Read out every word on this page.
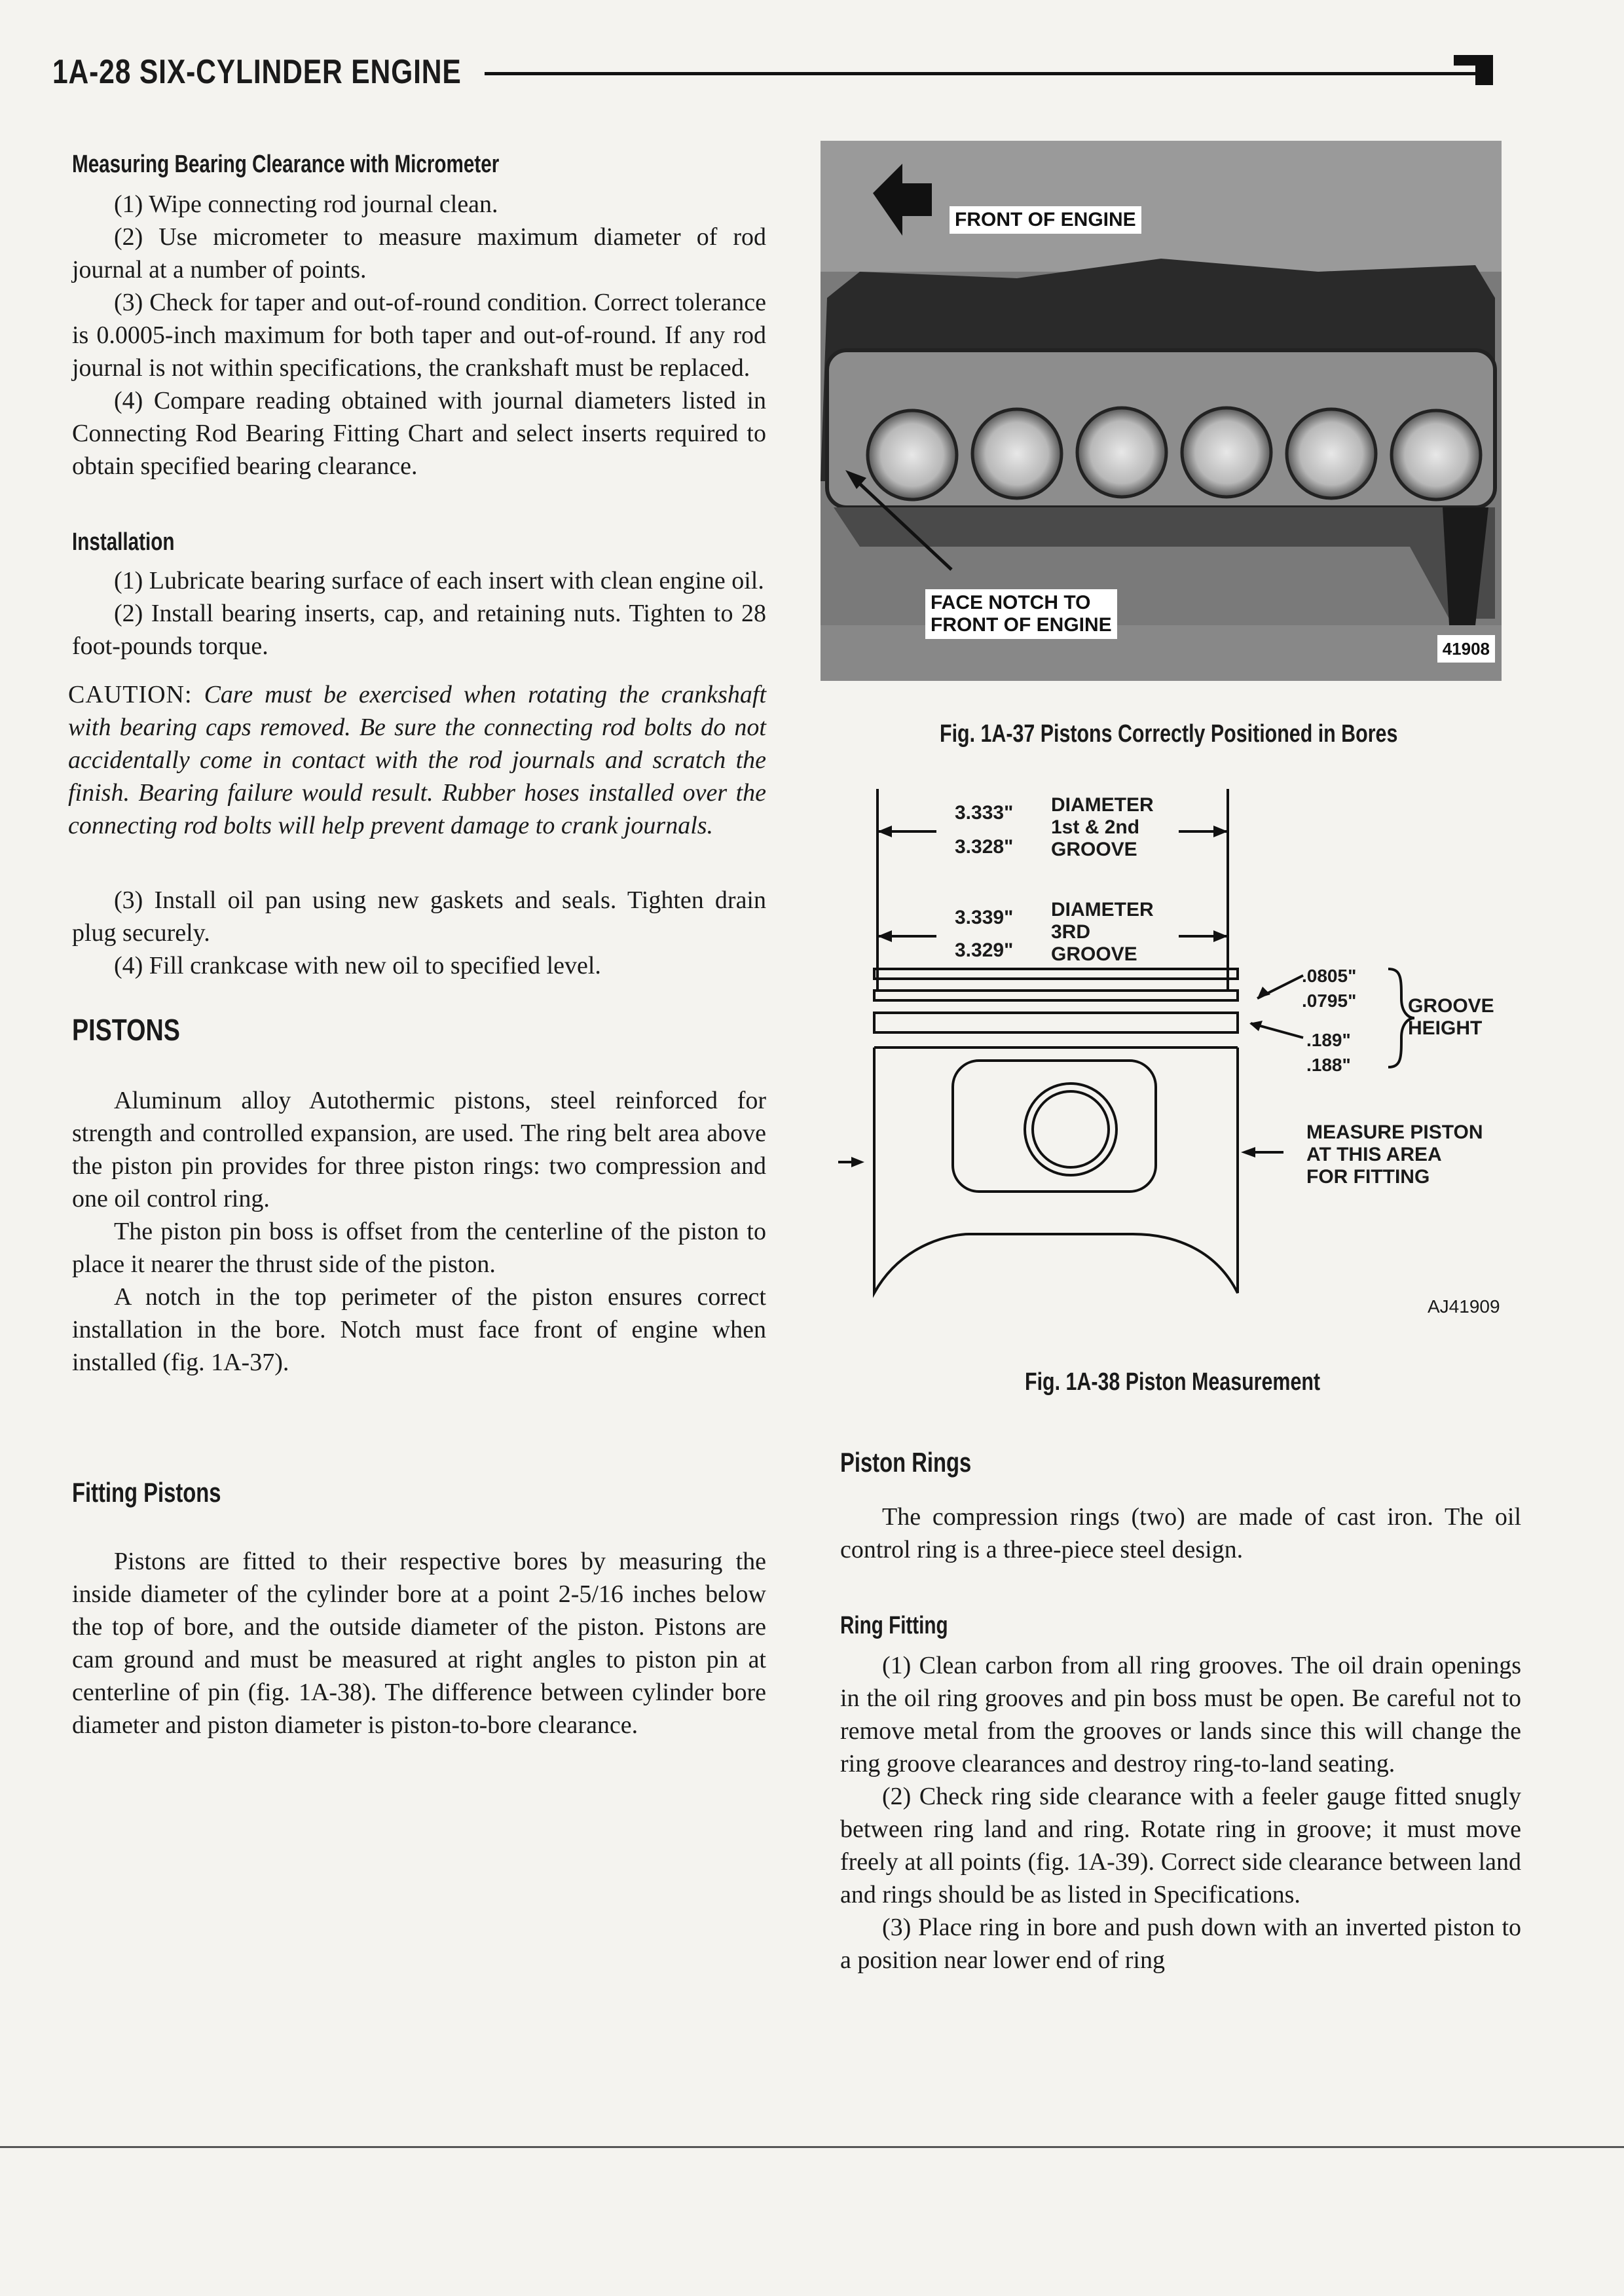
1A-28 SIX-CYLINDER ENGINE
Measuring Bearing Clearance with Micrometer

(1) Wipe connecting rod journal clean.

(2) Use micrometer to measure maximum diameter of rod journal at a number of points.

(3) Check for taper and out-of-round condition. Correct tolerance is 0.0005-inch maximum for both taper and out-of-round. If any rod journal is not within specifications, the crankshaft must be replaced.

(4) Compare reading obtained with journal diameters listed in Connecting Rod Bearing Fitting Chart and select inserts required to obtain specified bearing clearance.

Installation

(1) Lubricate bearing surface of each insert with clean engine oil.

(2) Install bearing inserts, cap, and retaining nuts. Tighten to 28 foot-pounds torque.

CAUTION: Care must be exercised when rotating the crankshaft with bearing caps removed. Be sure the connecting rod bolts do not accidentally come in contact with the rod journals and scratch the finish. Bearing failure would result. Rubber hoses installed over the connecting rod bolts will help prevent damage to crank journals.

(3) Install oil pan using new gaskets and seals. Tighten drain plug securely.

(4) Fill crankcase with new oil to specified level.

PISTONS

Aluminum alloy Autothermic pistons, steel reinforced for strength and controlled expansion, are used. The ring belt area above the piston pin provides for three piston rings: two compression and one oil control ring.

The piston pin boss is offset from the centerline of the piston to place it nearer the thrust side of the piston.

A notch in the top perimeter of the piston ensures correct installation in the bore. Notch must face front of engine when installed (fig. 1A-37).

Fitting Pistons

Pistons are fitted to their respective bores by measuring the inside diameter of the cylinder bore at a point 2-5/16 inches below the top of bore, and the outside diameter of the piston. Pistons are cam ground and must be measured at right angles to piston pin at centerline of pin (fig. 1A-38). The difference between cylinder bore diameter and piston diameter is piston-to-bore clearance.

FRONT OF ENGINE
FACE NOTCH TO
FRONT OF ENGINE
41908
Fig. 1A-37 Pistons Correctly Positioned in Bores
3.333"
3.328"
DIAMETER
1st & 2nd
GROOVE
3.339"
3.329"
DIAMETER
3RD
GROOVE
.0805"
.0795"
.189"
.188"
GROOVE
HEIGHT
MEASURE PISTON
AT THIS AREA
FOR FITTING
AJ41909
Fig. 1A-38 Piston Measurement
Piston Rings

The compression rings (two) are made of cast iron. The oil control ring is a three-piece steel design.

Ring Fitting

(1) Clean carbon from all ring grooves. The oil drain openings in the oil ring grooves and pin boss must be open. Be careful not to remove metal from the grooves or lands since this will change the ring groove clearances and destroy ring-to-land seating.

(2) Check ring side clearance with a feeler gauge fitted snugly between ring land and ring. Rotate ring in groove; it must move freely at all points (fig. 1A-39). Correct side clearance between land and rings should be as listed in Specifications.

(3) Place ring in bore and push down with an inverted piston to a position near lower end of ring
